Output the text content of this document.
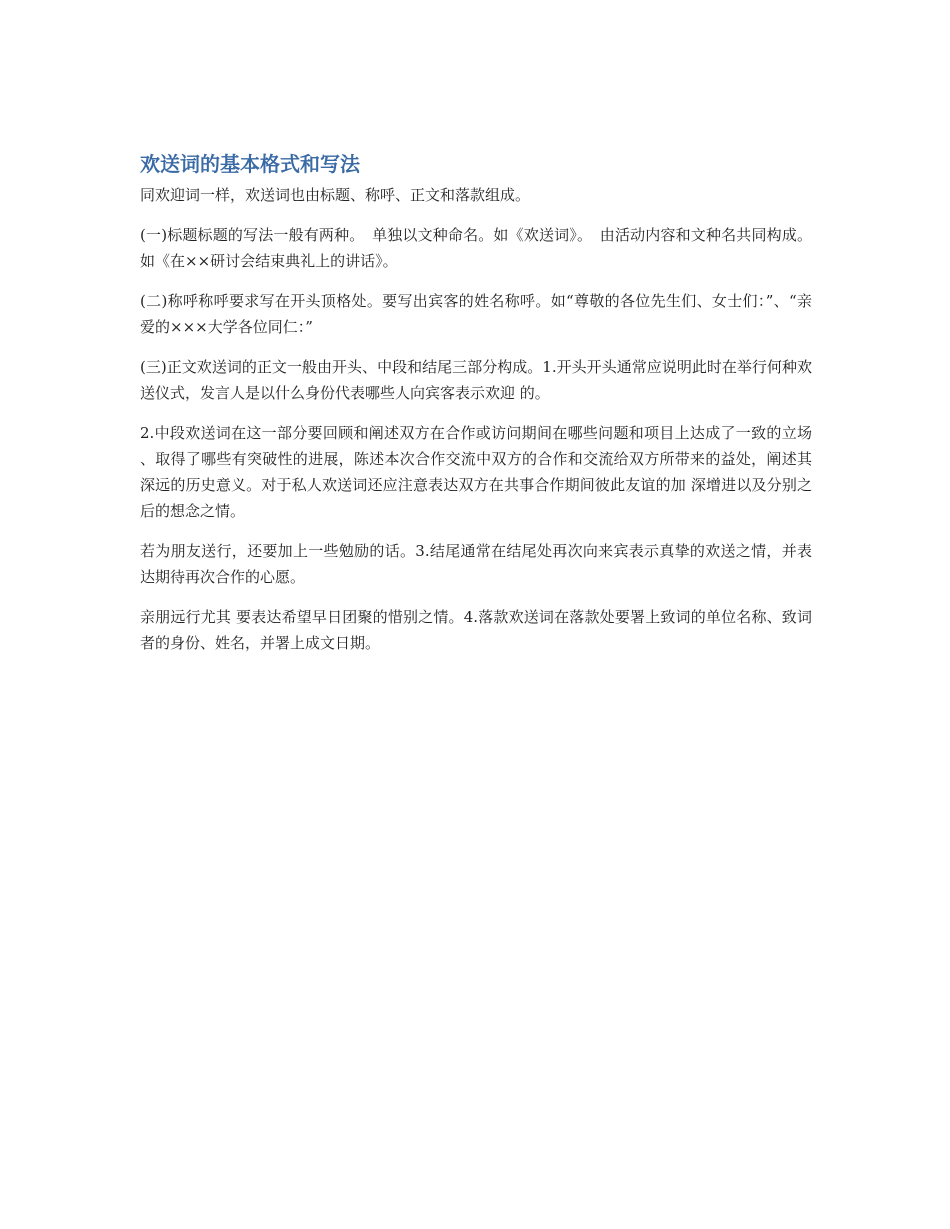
欢送词的基本格式和写法

同欢迎词一样，欢送词也由标题、称呼、正文和落款组成。

(一)标题标题的写法一般有两种。　单独以文种命名。如《欢送词》。　由活动内容和文种名共同构成。如《在××研讨会结束典礼上的讲话》。

(二)称呼称呼要求写在开头顶格处。要写出宾客的姓名称呼。如“尊敬的各位先生们、女士们：”、“亲爱的×××大学各位同仁：”

(三)正文欢送词的正文一般由开头、中段和结尾三部分构成。1.开头开头通常应说明此时在举行何种欢送仪式，发言人是以什么身份代表哪些人向宾客表示欢迎 的。

2.中段欢送词在这一部分要回顾和阐述双方在合作或访问期间在哪些问题和项目上达成了一致的立场 、取得了哪些有突破性的进展，陈述本次合作交流中双方的合作和交流给双方所带来的益处，阐述其深远的历史意义。对于私人欢送词还应注意表达双方在共事合作期间彼此友谊的加 深增进以及分别之后的想念之情。

若为朋友送行，还要加上一些勉励的话。3.结尾通常在结尾处再次向来宾表示真挚的欢送之情，并表达期待再次合作的心愿。

亲朋远行尤其 要表达希望早日团聚的惜别之情。4.落款欢送词在落款处要署上致词的单位名称、致词者的身份、姓名，并署上成文日期。
